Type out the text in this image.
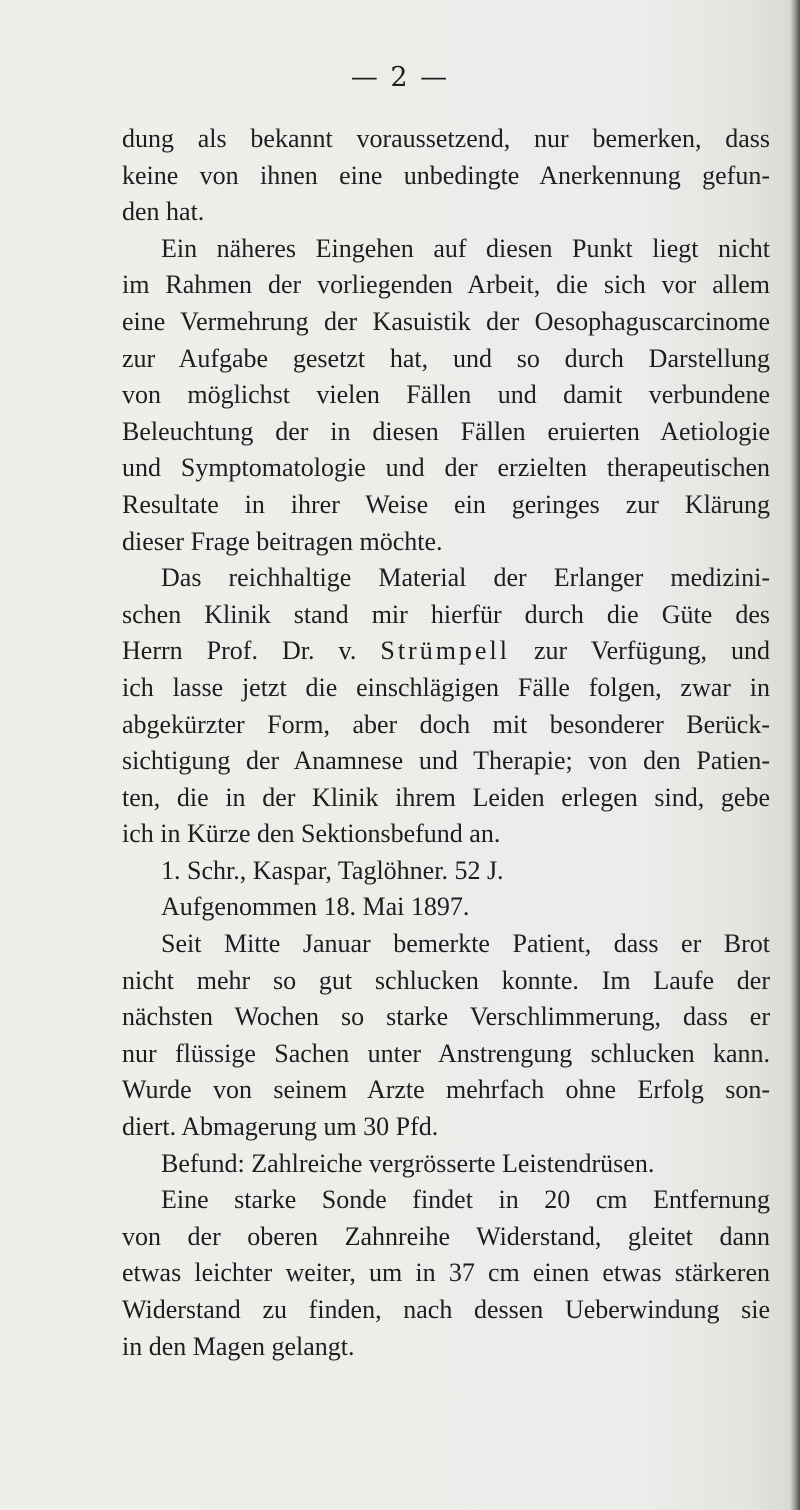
— 2 —
dung als bekannt voraussetzend, nur bemerken, dass
keine von ihnen eine unbedingte Anerkennung gefun-
den hat.
Ein näheres Eingehen auf diesen Punkt liegt nicht
im Rahmen der vorliegenden Arbeit, die sich vor allem
eine Vermehrung der Kasuistik der Oesophaguscarcinome
zur Aufgabe gesetzt hat, und so durch Darstellung
von möglichst vielen Fällen und damit verbundene
Beleuchtung der in diesen Fällen eruierten Aetiologie
und Symptomatologie und der erzielten therapeutischen
Resultate in ihrer Weise ein geringes zur Klärung
dieser Frage beitragen möchte.
Das reichhaltige Material der Erlanger medizini-
schen Klinik stand mir hierfür durch die Güte des
Herrn Prof. Dr. v. Strümpell zur Verfügung, und
ich lasse jetzt die einschlägigen Fälle folgen, zwar in
abgekürzter Form, aber doch mit besonderer Berück-
sichtigung der Anamnese und Therapie; von den Patien-
ten, die in der Klinik ihrem Leiden erlegen sind, gebe
ich in Kürze den Sektionsbefund an.
1. Schr., Kaspar, Taglöhner. 52 J.
Aufgenommen 18. Mai 1897.
Seit Mitte Januar bemerkte Patient, dass er Brot
nicht mehr so gut schlucken konnte. Im Laufe der
nächsten Wochen so starke Verschlimmerung, dass er
nur flüssige Sachen unter Anstrengung schlucken kann.
Wurde von seinem Arzte mehrfach ohne Erfolg son-
diert. Abmagerung um 30 Pfd.
Befund: Zahlreiche vergrösserte Leistendrüsen.
Eine starke Sonde findet in 20 cm Entfernung
von der oberen Zahnreihe Widerstand, gleitet dann
etwas leichter weiter, um in 37 cm einen etwas stärkeren
Widerstand zu finden, nach dessen Ueberwindung sie
in den Magen gelangt.
